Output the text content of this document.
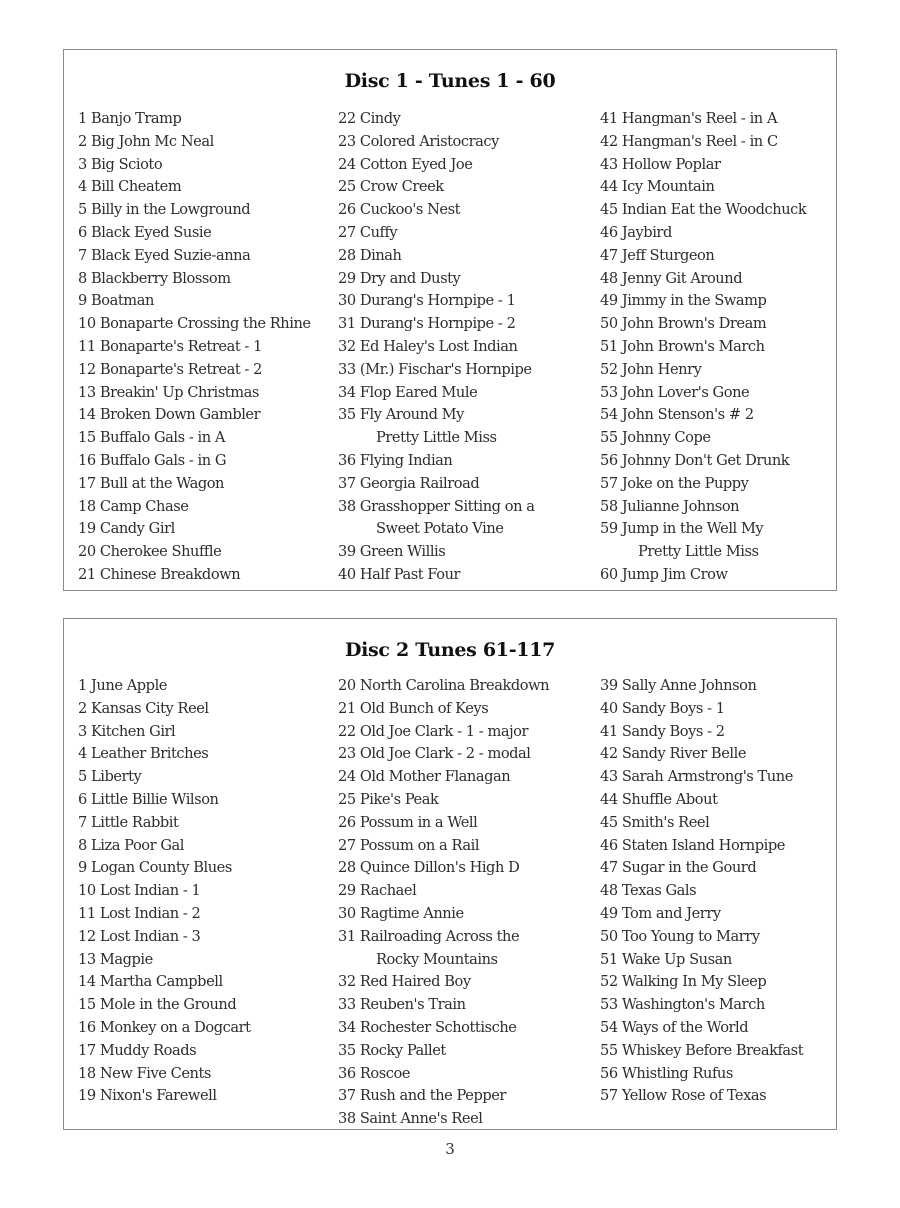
Disc 1 - Tunes 1 - 60
1 Banjo Tramp
2 Big John Mc Neal
3 Big Scioto
4 Bill Cheatem
5 Billy in the Lowground
6 Black Eyed Susie
7 Black Eyed Suzie-anna
8 Blackberry Blossom
9 Boatman
10 Bonaparte Crossing the Rhine
11 Bonaparte's Retreat - 1
12 Bonaparte's Retreat - 2
13 Breakin' Up Christmas
14 Broken Down Gambler
15 Buffalo Gals - in A
16 Buffalo Gals - in G
17 Bull at the Wagon
18 Camp Chase
19 Candy Girl
20 Cherokee Shuffle
21 Chinese Breakdown
22 Cindy
23 Colored Aristocracy
24 Cotton Eyed Joe
25 Crow Creek
26 Cuckoo's Nest
27 Cuffy
28 Dinah
29 Dry and Dusty
30 Durang's Hornpipe - 1
31 Durang's Hornpipe - 2
32 Ed Haley's Lost Indian
33 (Mr.) Fischar's Hornpipe
34 Flop Eared Mule
35 Fly Around My
Pretty Little Miss
36 Flying Indian
37 Georgia Railroad
38 Grasshopper Sitting on a
Sweet Potato Vine
39 Green Willis
40 Half Past Four
41 Hangman's Reel - in A
42 Hangman's Reel - in C
43 Hollow Poplar
44 Icy Mountain
45 Indian Eat the Woodchuck
46 Jaybird
47 Jeff Sturgeon
48 Jenny Git Around
49 Jimmy in the Swamp
50 John Brown's Dream
51 John Brown's March
52 John Henry
53 John Lover's Gone
54 John Stenson's # 2
55 Johnny Cope
56 Johnny Don't Get Drunk
57 Joke on the Puppy
58 Julianne Johnson
59 Jump in the Well My
Pretty Little Miss
60 Jump Jim Crow
Disc 2 Tunes 61-117
1 June Apple
2 Kansas City Reel
3 Kitchen Girl
4 Leather Britches
5 Liberty
6 Little Billie Wilson
7 Little Rabbit
8 Liza Poor Gal
9 Logan County Blues
10 Lost Indian - 1
11 Lost Indian - 2
12 Lost Indian - 3
13 Magpie
14 Martha Campbell
15 Mole in the Ground
16 Monkey on a Dogcart
17 Muddy Roads
18 New Five Cents
19 Nixon's Farewell
20 North Carolina Breakdown
21 Old Bunch of Keys
22 Old Joe Clark - 1 - major
23 Old Joe Clark - 2 - modal
24 Old Mother Flanagan
25 Pike's Peak
26 Possum in a Well
27 Possum on a Rail
28 Quince Dillon's High D
29 Rachael
30 Ragtime Annie
31 Railroading Across the
Rocky Mountains
32 Red Haired Boy
33 Reuben's Train
34 Rochester Schottische
35 Rocky Pallet
36 Roscoe
37 Rush and the Pepper
38 Saint Anne's Reel
39 Sally Anne Johnson
40 Sandy Boys - 1
41 Sandy Boys - 2
42 Sandy River Belle
43 Sarah Armstrong's Tune
44 Shuffle About
45 Smith's Reel
46 Staten Island Hornpipe
47 Sugar in the Gourd
48 Texas Gals
49 Tom and Jerry
50 Too Young to Marry
51 Wake Up Susan
52 Walking In My Sleep
53 Washington's March
54 Ways of the World
55 Whiskey Before Breakfast
56 Whistling Rufus
57 Yellow Rose of Texas
3
